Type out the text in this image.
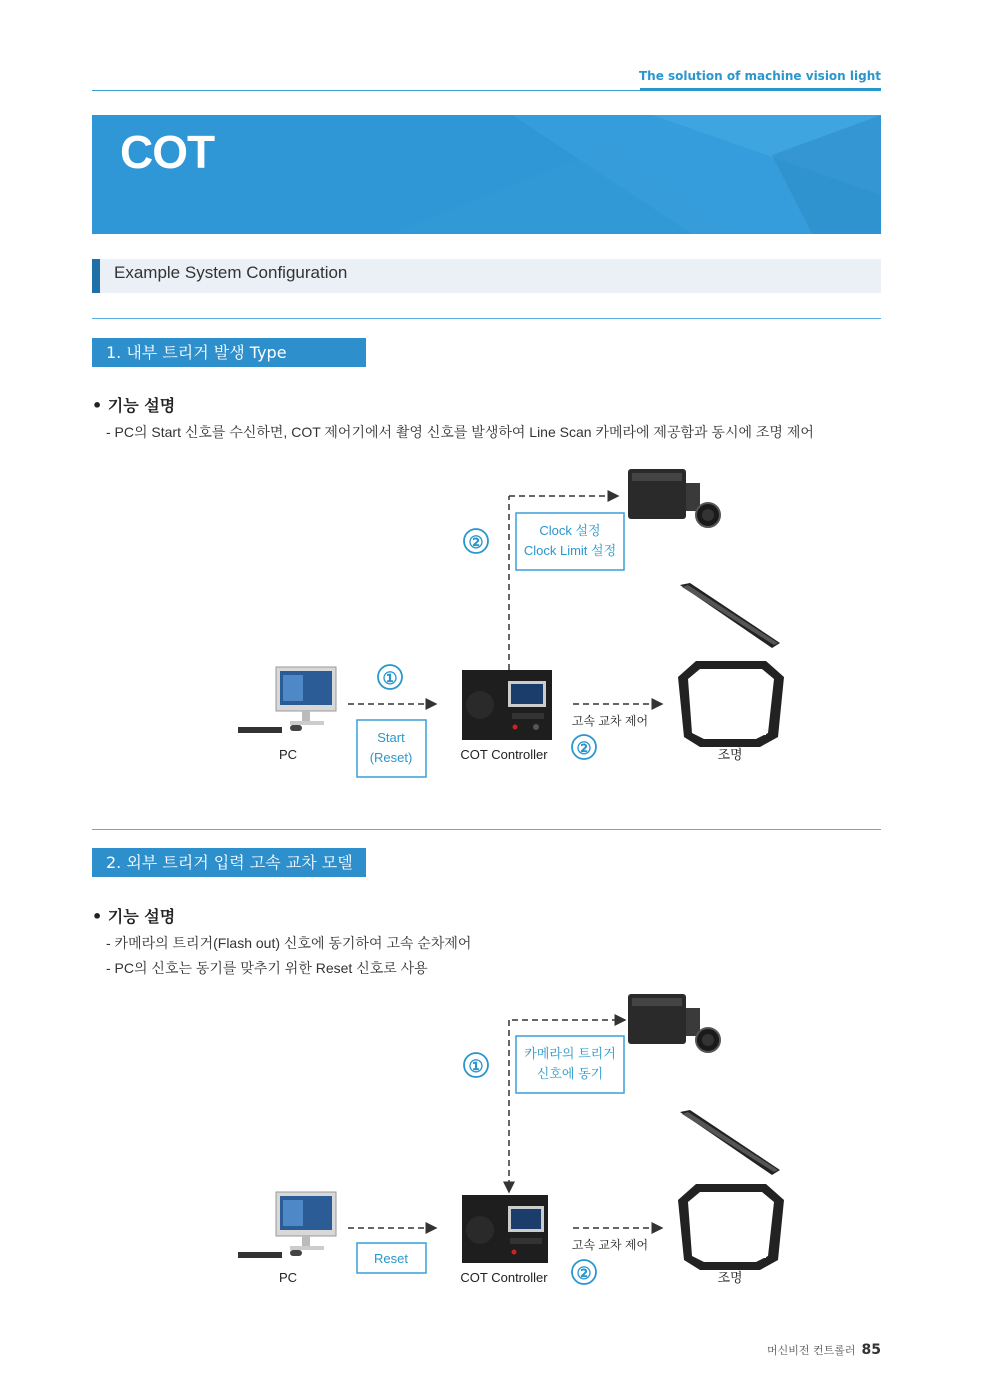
The solution of machine vision light
COT
Example System Configuration
1. 내부 트리거 발생 Type
• 기능 설명
- PC의 Start 신호를 수신하면, COT 제어기에서 촬영 신호를 발생하여 Line Scan 카메라에 제공함과 동시에 조명 제어
Clock 설정
Clock Limit 설정
②
PC
①
Start
(Reset)	COT Controller
고속 교차 제어
②	조명
2. 외부 트리거 입력 고속 교차 모델
• 기능 설명
- 카메라의 트리거(Flash out) 신호에 동기하여 고속 순차제어
- PC의 신호는 동기를 맞추기 위한 Reset 신호로 사용
카메라의 트리거
신호에 동기
①
PC
Reset
COT Controller
고속 교차 제어
②	조명
머신비전 컨트롤러 85
